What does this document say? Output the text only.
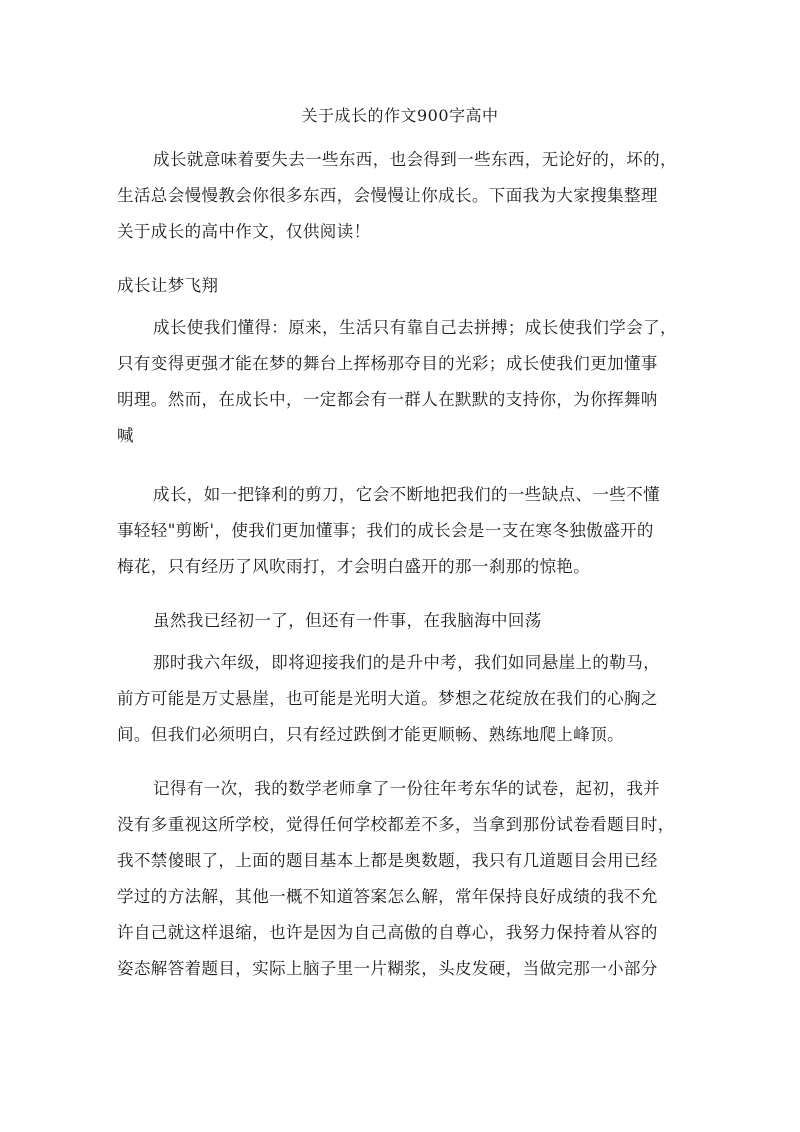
关于成长的作文900字高中
成长就意味着要失去一些东西，也会得到一些东西，无论好的，坏的，
生活总会慢慢教会你很多东西，会慢慢让你成长。下面我为大家搜集整理
关于成长的高中作文，仅供阅读！
成长让梦飞翔
成长使我们懂得：原来，生活只有靠自己去拼搏；成长使我们学会了，
只有变得更强才能在梦的舞台上挥杨那夺目的光彩；成长使我们更加懂事
明理。然而，在成长中，一定都会有一群人在默默的支持你，为你挥舞呐
喊
成长，如一把锋利的剪刀，它会不断地把我们的一些缺点、一些不懂
事轻轻"剪断'，使我们更加懂事；我们的成长会是一支在寒冬独傲盛开的
梅花，只有经历了风吹雨打，才会明白盛开的那一刹那的惊艳。
虽然我已经初一了，但还有一件事，在我脑海中回荡
那时我六年级，即将迎接我们的是升中考，我们如同悬崖上的勒马，
前方可能是万丈悬崖，也可能是光明大道。梦想之花绽放在我们的心胸之
间。但我们必须明白，只有经过跌倒才能更顺畅、熟练地爬上峰顶。
记得有一次，我的数学老师拿了一份往年考东华的试卷，起初，我并
没有多重视这所学校，觉得任何学校都差不多，当拿到那份试卷看题目时，
我不禁傻眼了，上面的题目基本上都是奥数题，我只有几道题目会用已经
学过的方法解，其他一概不知道答案怎么解，常年保持良好成绩的我不允
许自己就这样退缩，也许是因为自己高傲的自尊心，我努力保持着从容的
姿态解答着题目，实际上脑子里一片糊浆，头皮发硬，当做完那一小部分
